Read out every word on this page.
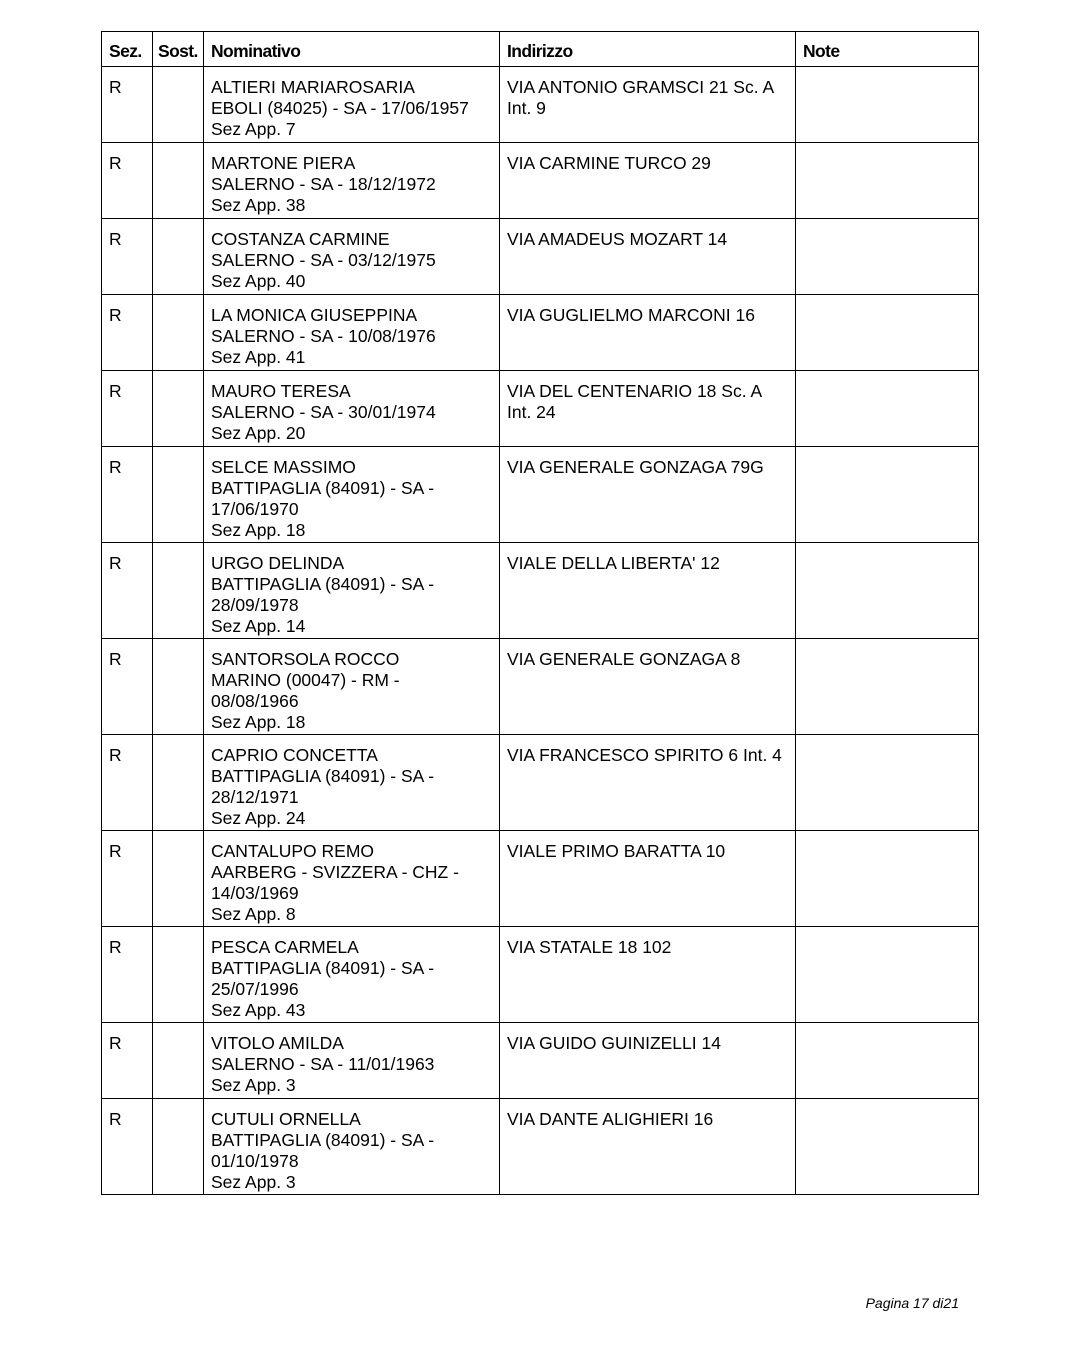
Sez.	Sost.	Nominativo	Indirizzo	Note
R		ALTIERI MARIAROSARIA
EBOLI (84025) - SA - 17/06/1957
Sez App. 7	VIA ANTONIO GRAMSCI 21 Sc. A Int. 9	
R		MARTONE PIERA
SALERNO - SA - 18/12/1972
Sez App. 38	VIA CARMINE TURCO 29	
R		COSTANZA CARMINE
SALERNO - SA - 03/12/1975
Sez App. 40	VIA AMADEUS MOZART 14	
R		LA MONICA GIUSEPPINA
SALERNO - SA - 10/08/1976
Sez App. 41	VIA GUGLIELMO MARCONI 16	
R		MAURO TERESA
SALERNO - SA - 30/01/1974
Sez App. 20	VIA DEL CENTENARIO 18 Sc. A Int. 24	
R		SELCE MASSIMO
BATTIPAGLIA (84091) - SA -
17/06/1970
Sez App. 18	VIA GENERALE GONZAGA 79G	
R		URGO DELINDA
BATTIPAGLIA (84091) - SA -
28/09/1978
Sez App. 14	VIALE DELLA LIBERTA' 12	
R		SANTORSOLA ROCCO
MARINO (00047) - RM -
08/08/1966
Sez App. 18	VIA GENERALE GONZAGA 8	
R		CAPRIO CONCETTA
BATTIPAGLIA (84091) - SA -
28/12/1971
Sez App. 24	VIA FRANCESCO SPIRITO 6 Int. 4	
R		CANTALUPO REMO
AARBERG - SVIZZERA - CHZ -
14/03/1969
Sez App. 8	VIALE PRIMO BARATTA 10	
R		PESCA CARMELA
BATTIPAGLIA (84091) - SA -
25/07/1996
Sez App. 43	VIA STATALE 18 102	
R		VITOLO AMILDA
SALERNO - SA - 11/01/1963
Sez App. 3	VIA GUIDO GUINIZELLI 14	
R		CUTULI ORNELLA
BATTIPAGLIA (84091) - SA -
01/10/1978
Sez App. 3	VIA DANTE ALIGHIERI 16	
Pagina 17 di21
